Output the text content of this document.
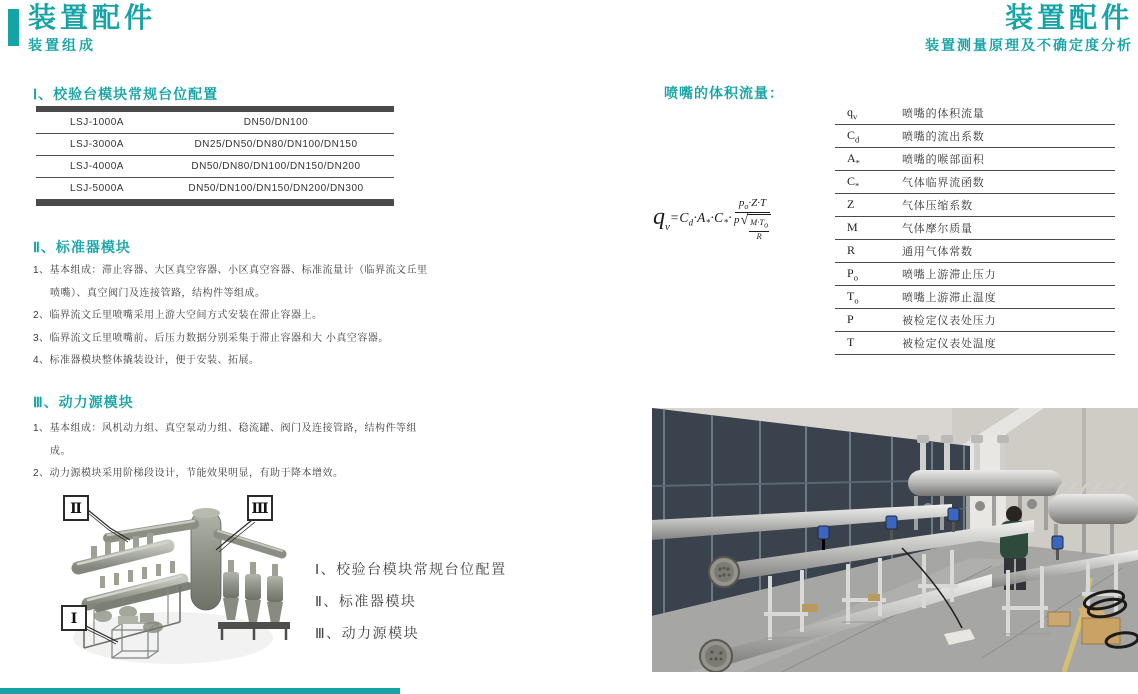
装置配件
装置组成
装置配件
装置测量原理及不确定度分析
Ⅰ、校验台模块常规台位配置
LSJ-1000A	DN50/DN100
LSJ-3000A	DN25/DN50/DN80/DN100/DN150
LSJ-4000A	DN50/DN80/DN100/DN150/DN200
LSJ-5000A	DN50/DN100/DN150/DN200/DN300
Ⅱ、标准器模块
1、基本组成：滞止容器、大区真空容器、小区真空容器、标准流量计（临界流文丘里喷嘴）、真空阀门及连接管路，结构件等组成。
2、临界流文丘里喷嘴采用上游大空间方式安装在滞止容器上。
3、临界流文丘里喷嘴前、后压力数据分别采集于滞止容器和大 小真空容器。
4、标准器模块整体撬装设计，便于安装、拓展。
Ⅲ、动力源模块
1、基本组成：风机动力组、真空泵动力组、稳流罐、阀门及连接管路，结构件等组成。
2、动力源模块采用阶梯段设计，节能效果明显，有助于降本增效。
Ⅱ	Ⅲ
Ⅰ
Ⅰ、校验台模块常规台位配置
Ⅱ、标准器模块
Ⅲ、动力源模块
喷嘴的体积流量：
$q_v$
$=C_d\cdot A_*\cdot C_*\cdot \frac{p_o\cdot Z\cdot T}{p √ \frac{M\cdot T_o}{R}}$
$q_v$	喷嘴的体积流量
$C_d$	喷嘴的流出系数
$A_*$	喷嘴的喉部面积
$C_*$	气体临界流函数
Z	气体压缩系数
M	气体摩尔质量
R	通用气体常数
$P_o$	喷嘴上游滞止压力
$T_o$	喷嘴上游滞止温度
P	被检定仪表处压力
T	被检定仪表处温度
